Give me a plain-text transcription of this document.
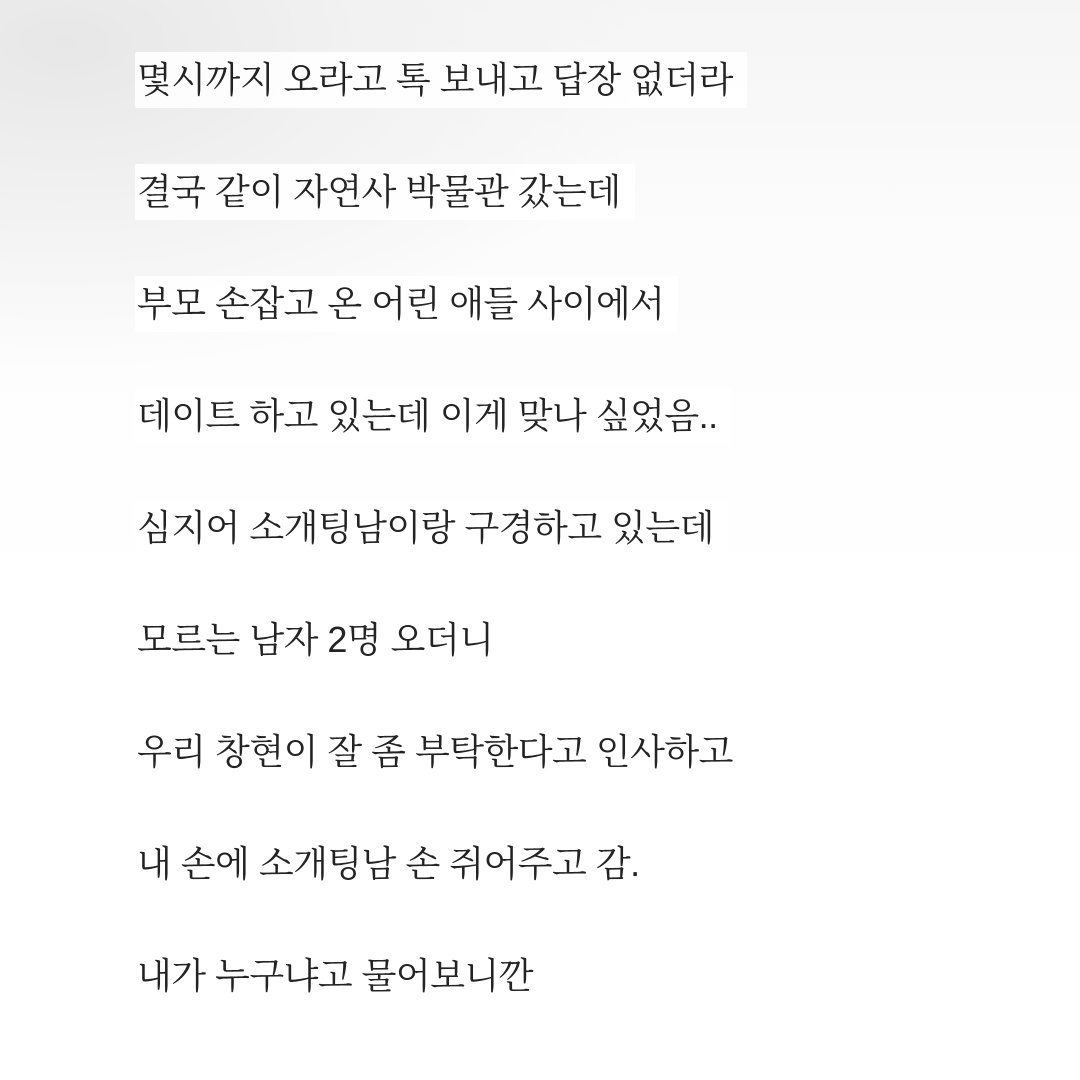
몇시까지 오라고 톡 보내고 답장 없더라

결국 같이 자연사 박물관 갔는데

부모 손잡고 온 어린 애들 사이에서

데이트 하고 있는데 이게 맞나 싶었음..

심지어 소개팅남이랑 구경하고 있는데

모르는 남자 2명 오더니

우리 창현이 잘 좀 부탁한다고 인사하고

내 손에 소개팅남 손 쥐어주고 감.

내가 누구냐고 물어보니깐
